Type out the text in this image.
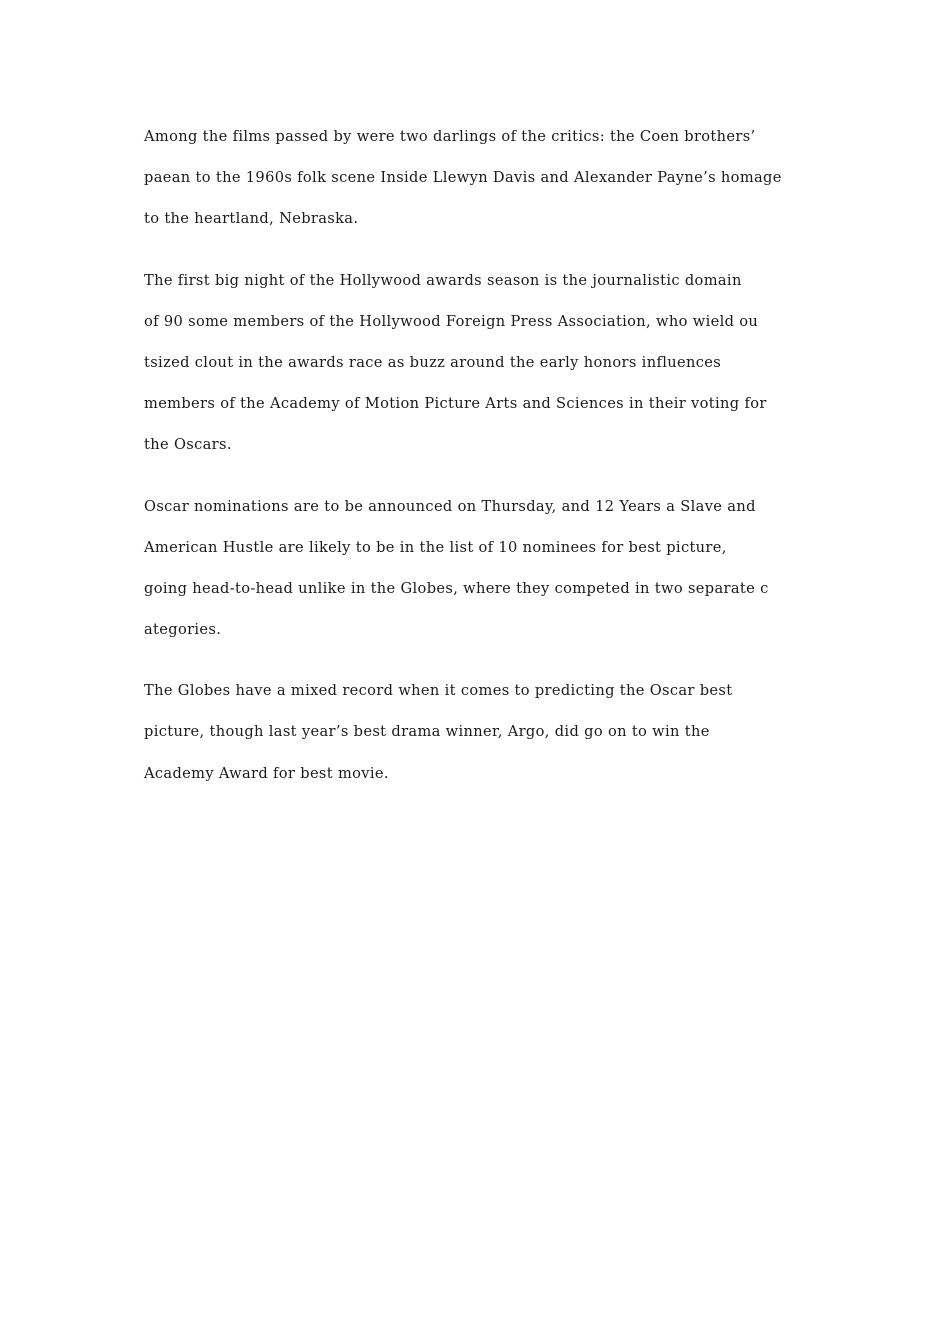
Among the films passed by were two darlings of the critics: the Coen brothers’
paean to the 1960s folk scene Inside Llewyn Davis and Alexander Payne’s homage
to the heartland, Nebraska.
The first big night of the Hollywood awards season is the journalistic domain
of 90 some members of the Hollywood Foreign Press Association, who wield ou
tsized clout in the awards race as buzz around the early honors influences
members of the Academy of Motion Picture Arts and Sciences in their voting for
the Oscars.
Oscar nominations are to be announced on Thursday, and 12 Years a Slave and
American Hustle are likely to be in the list of 10 nominees for best picture,
going head-to-head unlike in the Globes, where they competed in two separate c
ategories.
The Globes have a mixed record when it comes to predicting the Oscar best
picture, though last year’s best drama winner, Argo, did go on to win the
Academy Award for best movie.
